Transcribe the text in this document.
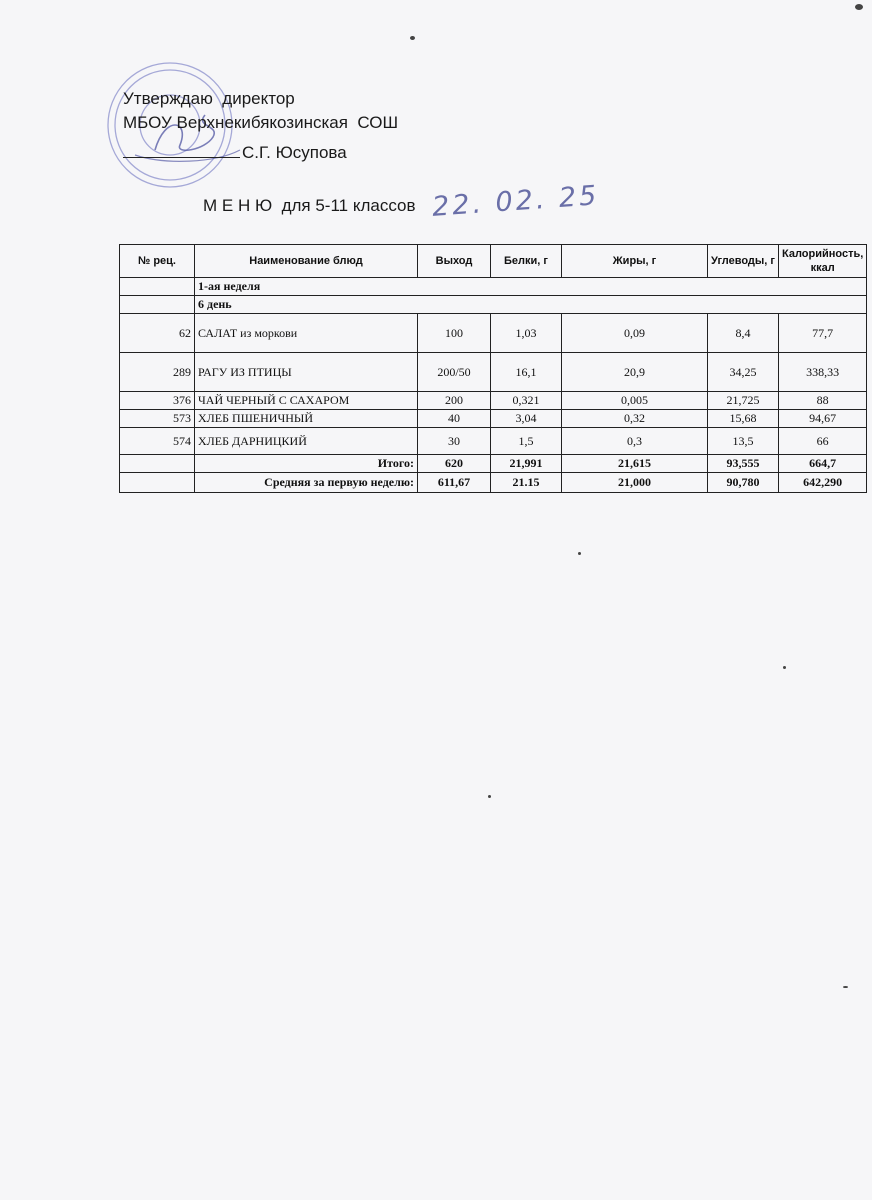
Утверждаю  директор
МБОУ Верхнекибякозинская  СОШ
С.Г. Юсупова
М Е Н Ю  для 5-11 классов 22. 02. 25
№ рец.	Наименование блюд	Выход	Белки, г	Жиры, г	Углеводы, г	Калорийность, ккал
	1-ая неделя					
	6 день					
62	САЛАТ из моркови	100	1,03	0,09	8,4	77,7
289	РАГУ ИЗ ПТИЦЫ	200/50	16,1	20,9	34,25	338,33
376	ЧАЙ ЧЕРНЫЙ С САХАРОМ	200	0,321	0,005	21,725	88
573	ХЛЕБ ПШЕНИЧНЫЙ	40	3,04	0,32	15,68	94,67
574	ХЛЕБ ДАРНИЦКИЙ	30	1,5	0,3	13,5	66
	Итого:	620	21,991	21,615	93,555	664,7
	Средняя за первую неделю:	611,67	21.15	21,000	90,780	642,290
